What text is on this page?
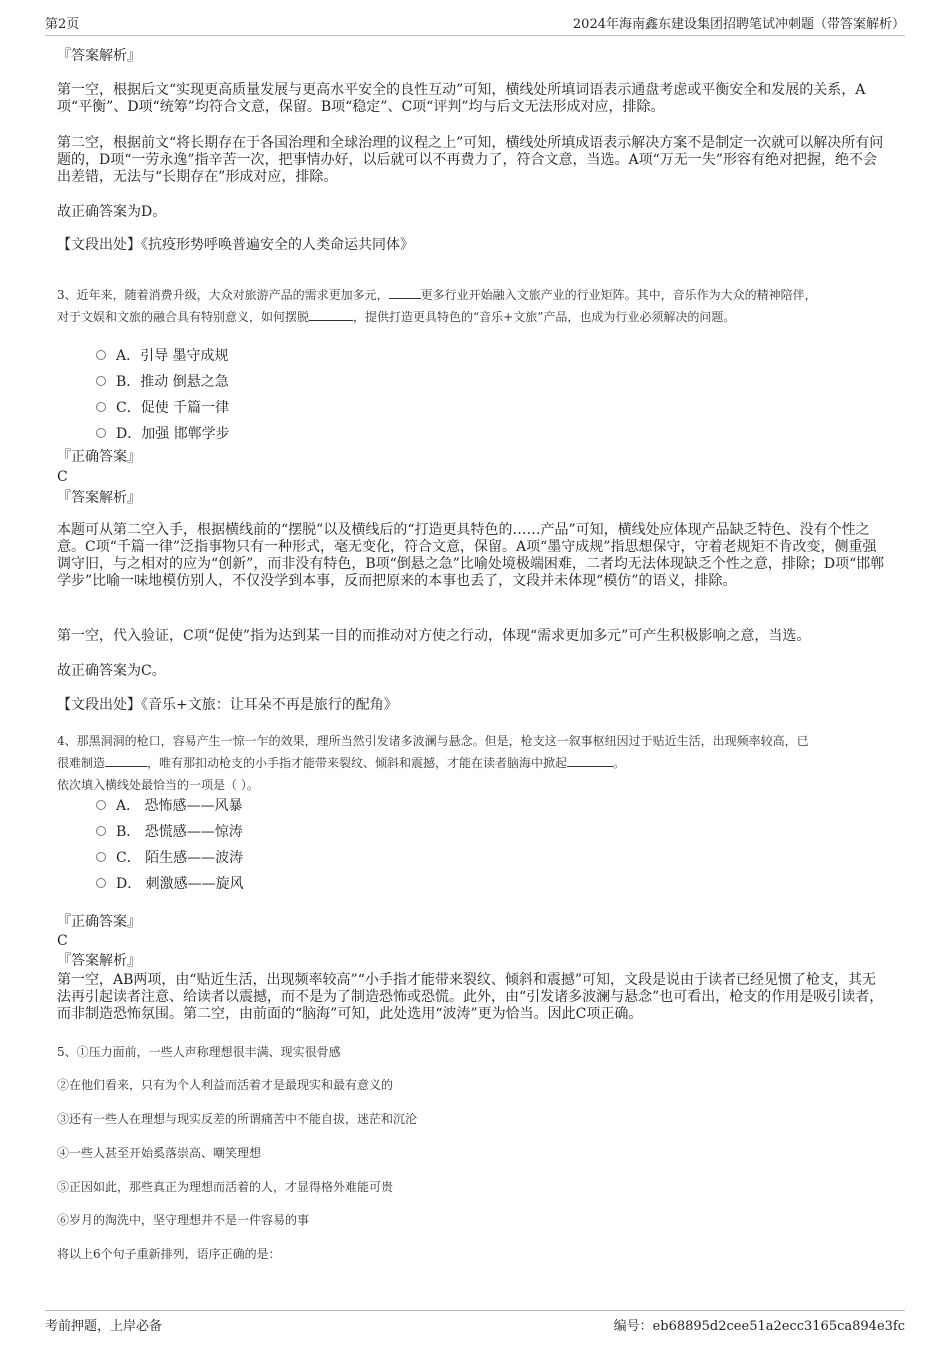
第2页	2024年海南鑫东建设集团招聘笔试冲刺题（带答案解析）
『答案解析』
第一空，根据后文“实现更高质量发展与更高水平安全的良性互动”可知，横线处所填词语表示通盘考虑或平衡安全和发展的关系，A项“平衡”、D项“统筹”均符合文意，保留。B项“稳定”、C项“评判”均与后文无法形成对应，排除。
第二空，根据前文“将长期存在于各国治理和全球治理的议程之上”可知，横线处所填成语表示解决方案不是制定一次就可以解决所有问题的，D项“一劳永逸”指辛苦一次，把事情办好，以后就可以不再费力了，符合文意，当选。A项“万无一失”形容有绝对把握，绝不会出差错，无法与“长期存在”形成对应，排除。
故正确答案为D。
【文段出处】《抗疫形势呼唤普遍安全的人类命运共同体》
3、近年来，随着消费升级，大众对旅游产品的需求更加多元，	更多行业开始融入文旅产业的行业矩阵。其中，音乐作为大众的精神陪伴，
对于文娱和文旅的融合具有特别意义，如何摆脱	，提供打造更具特色的“音乐+文旅”产品，也成为行业必须解决的问题。
A．引导 墨守成规
B．推动 倒悬之急
C．促使 千篇一律
D．加强 邯郸学步
『正确答案』
C
『答案解析』
本题可从第二空入手，根据横线前的“摆脱”以及横线后的“打造更具特色的……产品”可知，横线处应体现产品缺乏特色、没有个性之意。C项“千篇一律”泛指事物只有一种形式，毫无变化，符合文意，保留。A项“墨守成规”指思想保守，守着老规矩不肯改变，侧重强调守旧，与之相对的应为“创新”，而非没有特色，B项“倒悬之急”比喻处境极端困难，二者均无法体现缺乏个性之意，排除；D项“邯郸学步”比喻一味地模仿别人，不仅没学到本事，反而把原来的本事也丢了，文段并未体现“模仿”的语义，排除。
第一空，代入验证，C项“促使”指为达到某一目的而推动对方使之行动，体现“需求更加多元”可产生积极影响之意，当选。
故正确答案为C。
【文段出处】《音乐+文旅：让耳朵不再是旅行的配角》
4、那黑洞洞的枪口，容易产生一惊一乍的效果，理所当然引发诸多波澜与悬念。但是，枪支这一叙事枢纽因过于贴近生活，出现频率较高，已
很难制造	，唯有那扣动枪支的小手指才能带来裂纹、倾斜和震撼，才能在读者脑海中掀起	。
依次填入横线处最恰当的一项是（ ）。
A． 恐怖感——风暴
B． 恐慌感——惊涛
C． 陌生感——波涛
D． 刺激感——旋风
『正确答案』
C
『答案解析』
第一空，AB两项，由“贴近生活，出现频率较高”“小手指才能带来裂纹、倾斜和震撼”可知，文段是说由于读者已经见惯了枪支，其无法再引起读者注意、给读者以震撼，而不是为了制造恐怖或恐慌。此外，由“引发诸多波澜与悬念”也可看出，枪支的作用是吸引读者，而非制造恐怖氛围。第二空，由前面的“脑海”可知，此处选用“波涛”更为恰当。因此C项正确。
5、①压力面前，一些人声称理想很丰满、现实很骨感
②在他们看来，只有为个人利益而活着才是最现实和最有意义的
③还有一些人在理想与现实反差的所谓痛苦中不能自拔，迷茫和沉沦
④一些人甚至开始奚落崇高、嘲笑理想
⑤正因如此，那些真正为理想而活着的人，才显得格外难能可贵
⑥岁月的淘洗中，坚守理想并不是一件容易的事
将以上6个句子重新排列，语序正确的是：
考前押题，上岸必备	编号：eb68895d2cee51a2ecc3165ca894e3fc
